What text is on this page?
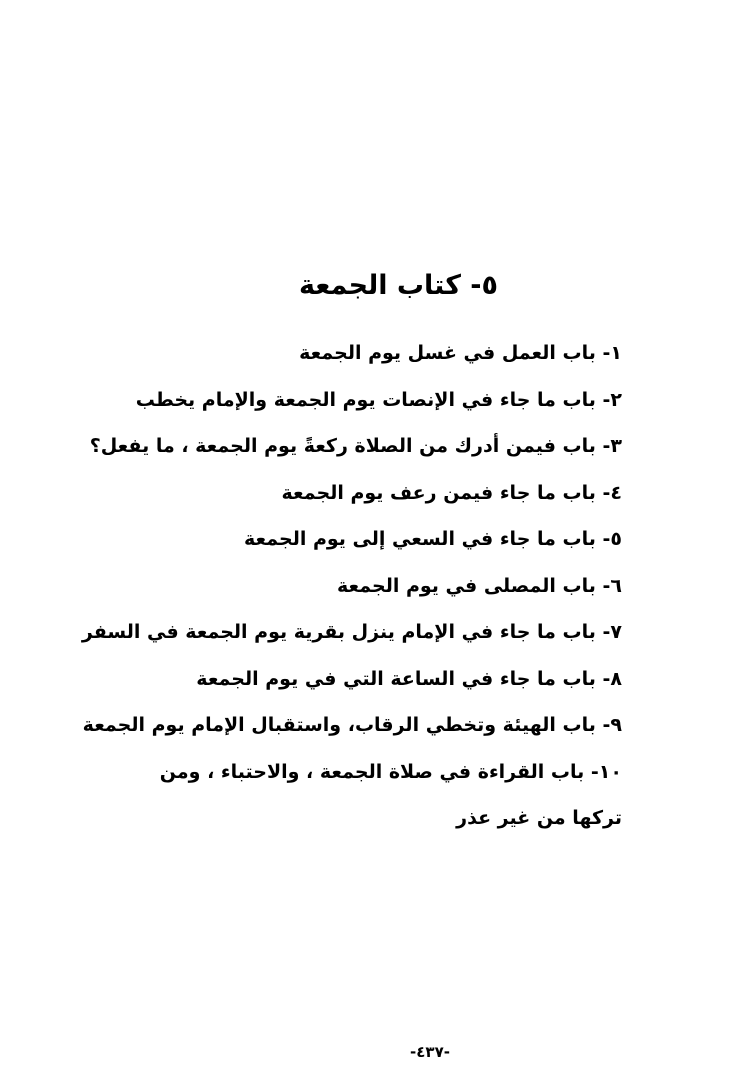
٥- كتاب الجمعة
١- باب العمل في غسل يوم الجمعة
٢- باب ما جاء في الإنصات يوم الجمعة والإمام يخطب
٣- باب فيمن أدرك من الصلاة ركعةً يوم الجمعة ، ما يفعل؟
٤- باب ما جاء فيمن رعف يوم الجمعة
٥- باب ما جاء في السعي إلى يوم الجمعة
٦- باب المصلى في يوم الجمعة
٧- باب ما جاء في الإمام ينزل بقرية يوم الجمعة في السفر
٨- باب ما جاء في الساعة التي في يوم الجمعة
٩- باب الهيئة وتخطي الرقاب، واستقبال الإمام يوم الجمعة
١٠- باب القراءة في صلاة الجمعة ، والاحتباء ، ومن تركها من غير عذر
-٤٣٧-
